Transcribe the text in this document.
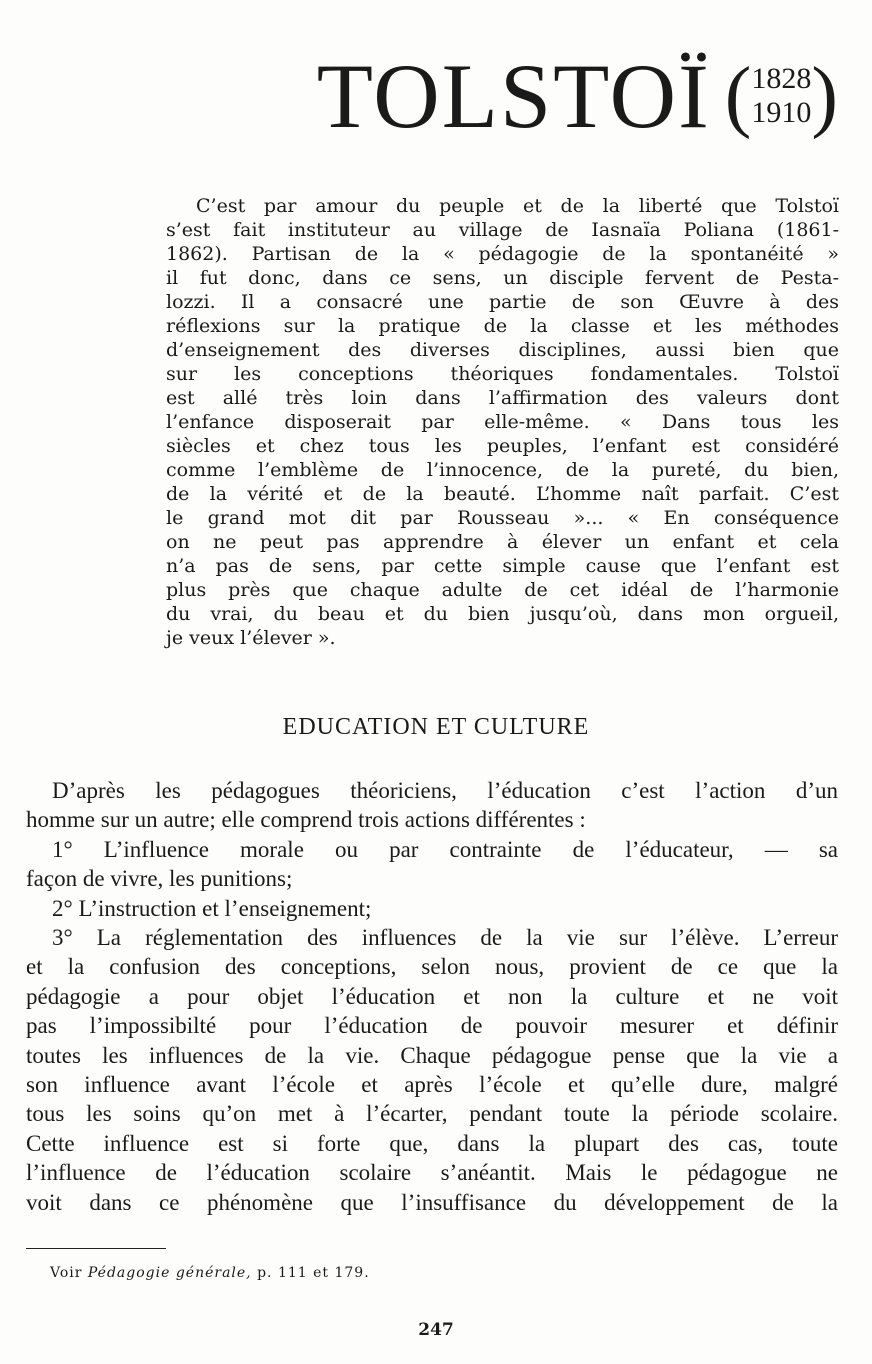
TOLSTOÏ ( 1828
1910 )
C’est par amour du peuple et de la liberté que Tolstoï
s’est fait instituteur au village de Iasnaïa Poliana (1861-
1862). Partisan de la « pédagogie de la spontanéité »
il fut donc, dans ce sens, un disciple fervent de Pesta-
lozzi. Il a consacré une partie de son Œuvre à des
réflexions sur la pratique de la classe et les méthodes
d’enseignement des diverses disciplines, aussi bien que
sur les conceptions théoriques fondamentales. Tolstoï
est allé très loin dans l’affirmation des valeurs dont
l’enfance disposerait par elle-même. « Dans tous les
siècles et chez tous les peuples, l’enfant est considéré
comme l’emblème de l’innocence, de la pureté, du bien,
de la vérité et de la beauté. L’homme naît parfait. C’est
le grand mot dit par Rousseau »... « En conséquence
on ne peut pas apprendre à élever un enfant et cela
n’a pas de sens, par cette simple cause que l’enfant est
plus près que chaque adulte de cet idéal de l’harmonie
du vrai, du beau et du bien jusqu’où, dans mon orgueil,
je veux l’élever ».
EDUCATION ET CULTURE
D’après les pédagogues théoriciens, l’éducation c’est l’action d’un
homme sur un autre; elle comprend trois actions différentes :
1° L’influence morale ou par contrainte de l’éducateur, — sa
façon de vivre, les punitions;
2° L’instruction et l’enseignement;
3° La réglementation des influences de la vie sur l’élève. L’erreur
et la confusion des conceptions, selon nous, provient de ce que la
pédagogie a pour objet l’éducation et non la culture et ne voit
pas l’impossibilté pour l’éducation de pouvoir mesurer et définir
toutes les influences de la vie. Chaque pédagogue pense que la vie a
son influence avant l’école et après l’école et qu’elle dure, malgré
tous les soins qu’on met à l’écarter, pendant toute la période scolaire.
Cette influence est si forte que, dans la plupart des cas, toute
l’influence de l’éducation scolaire s’anéantit. Mais le pédagogue ne
voit dans ce phénomène que l’insuffisance du développement de la

Voir Pédagogie générale, p. 111 et 179.

247
